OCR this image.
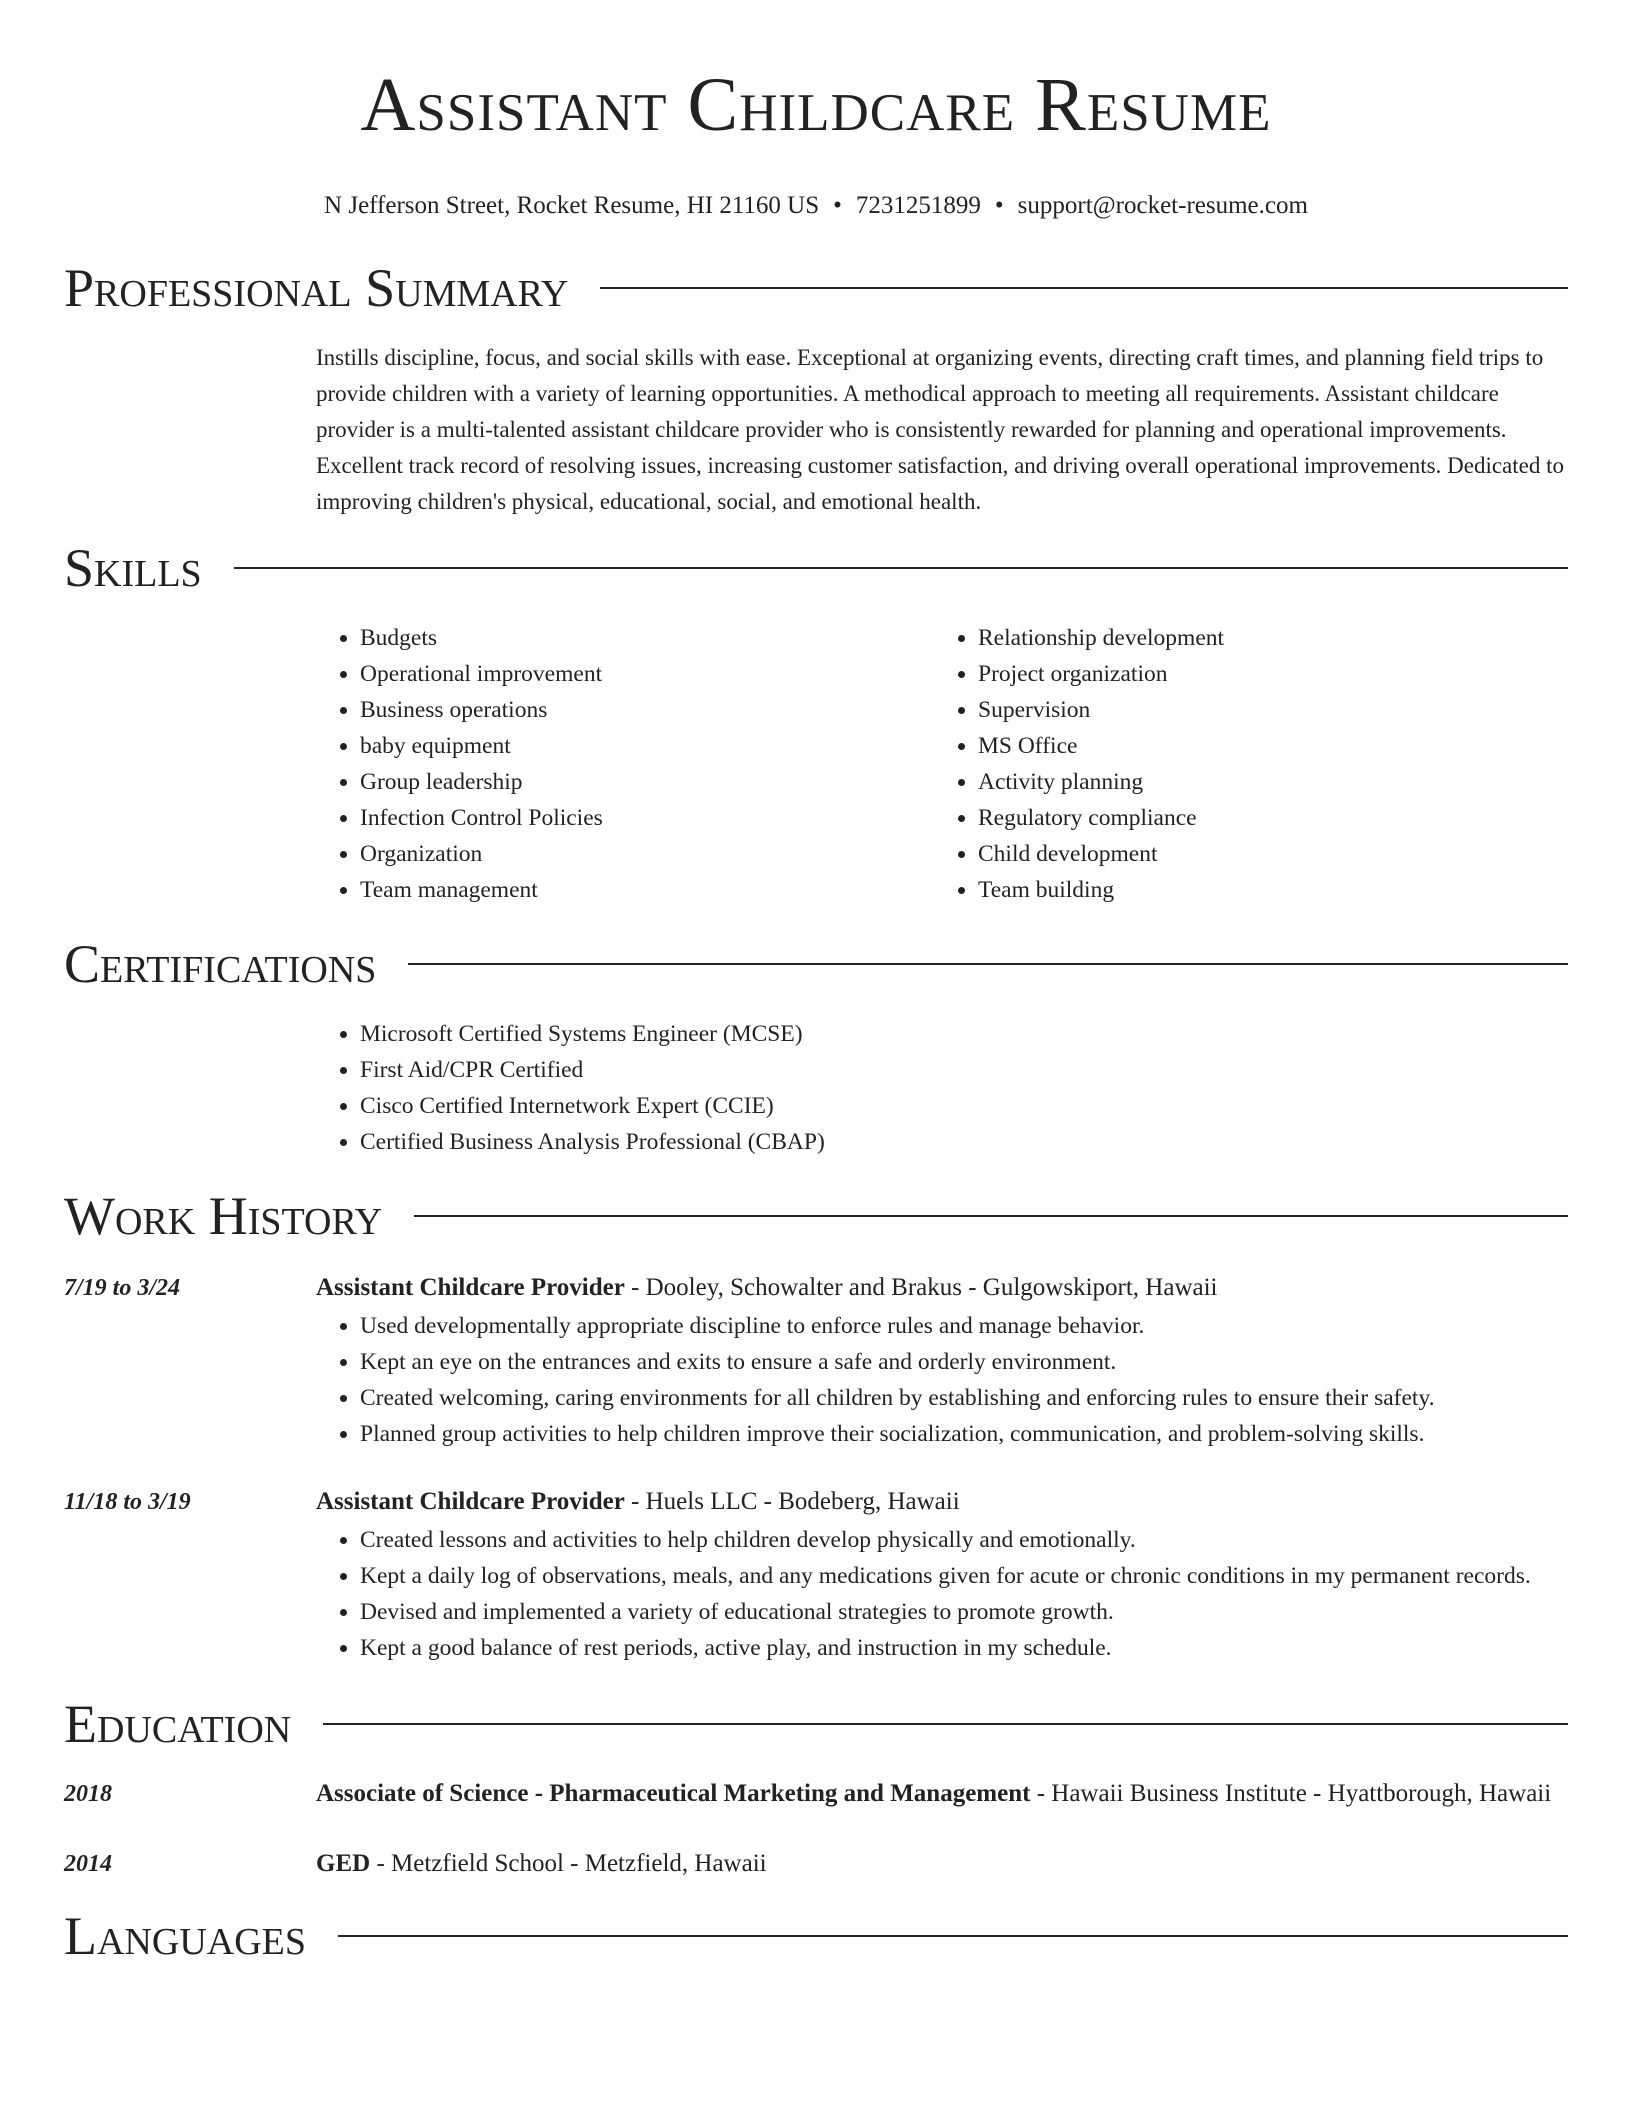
Assistant Childcare Resume
N Jefferson Street, Rocket Resume, HI 21160 US • 7231251899 • support@rocket-resume.com
Professional Summary

Instills discipline, focus, and social skills with ease. Exceptional at organizing events, directing craft times, and planning field trips to provide children with a variety of learning opportunities. A methodical approach to meeting all requirements. Assistant childcare provider is a multi-talented assistant childcare provider who is consistently rewarded for planning and operational improvements. Excellent track record of resolving issues, increasing customer satisfaction, and driving overall operational improvements. Dedicated to improving children's physical, educational, social, and emotional health.

Skills
• Budgets
• Operational improvement
• Business operations
• baby equipment
• Group leadership
• Infection Control Policies
• Organization
• Team management
• Relationship development
• Project organization
• Supervision
• MS Office
• Activity planning
• Regulatory compliance
• Child development
• Team building
Certifications
• Microsoft Certified Systems Engineer (MCSE)
• First Aid/CPR Certified
• Cisco Certified Internetwork Expert (CCIE)
• Certified Business Analysis Professional (CBAP)
Work History
7/19 to 3/24	Assistant Childcare Provider - Dooley, Schowalter and Brakus - Gulgowskiport, Hawaii
• Used developmentally appropriate discipline to enforce rules and manage behavior.
• Kept an eye on the entrances and exits to ensure a safe and orderly environment.
• Created welcoming, caring environments for all children by establishing and enforcing rules to ensure their safety.
• Planned group activities to help children improve their socialization, communication, and problem-solving skills.
11/18 to 3/19	Assistant Childcare Provider - Huels LLC - Bodeberg, Hawaii
• Created lessons and activities to help children develop physically and emotionally.
• Kept a daily log of observations, meals, and any medications given for acute or chronic conditions in my permanent records.
• Devised and implemented a variety of educational strategies to promote growth.
• Kept a good balance of rest periods, active play, and instruction in my schedule.
Education
2018	Associate of Science - Pharmaceutical Marketing and Management - Hawaii Business Institute - Hyattborough, Hawaii
2014	GED - Metzfield School - Metzfield, Hawaii
Languages
